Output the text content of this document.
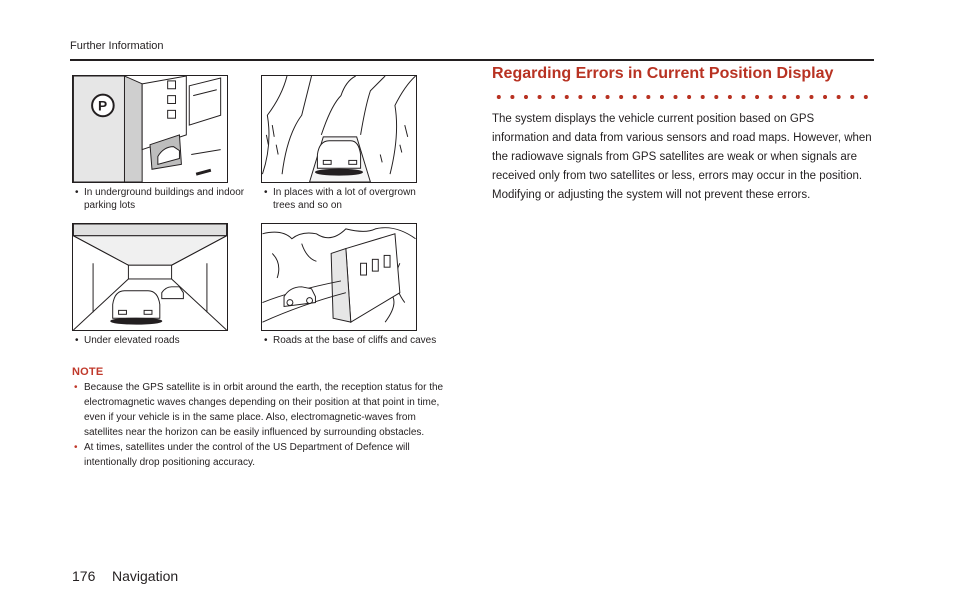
Further Information
P
• In underground buildings and indoor
parking lots
• In places with a lot of overgrown
trees and so on
• Under elevated roads	• Roads at the base of cliffs and caves
NOTE
• Because the GPS satellite is in orbit around the earth, the reception status for the electromagnetic waves changes depending on their position at that point in time, even if your vehicle is in the same place. Also, electromagnetic-waves from satellites near the horizon can be easily influenced by surrounding obstacles.
• At times, satellites under the control of the US Department of Defence will intentionally drop positioning accuracy.
Regarding Errors in Current Position Display

The system displays the vehicle current position based on GPS information and data from various sensors and road maps. However, when the radiowave signals from GPS satellites are weak or when signals are received only from two satellites or less, errors may occur in the position. Modifying or adjusting the system will not prevent these errors.

176 Navigation
